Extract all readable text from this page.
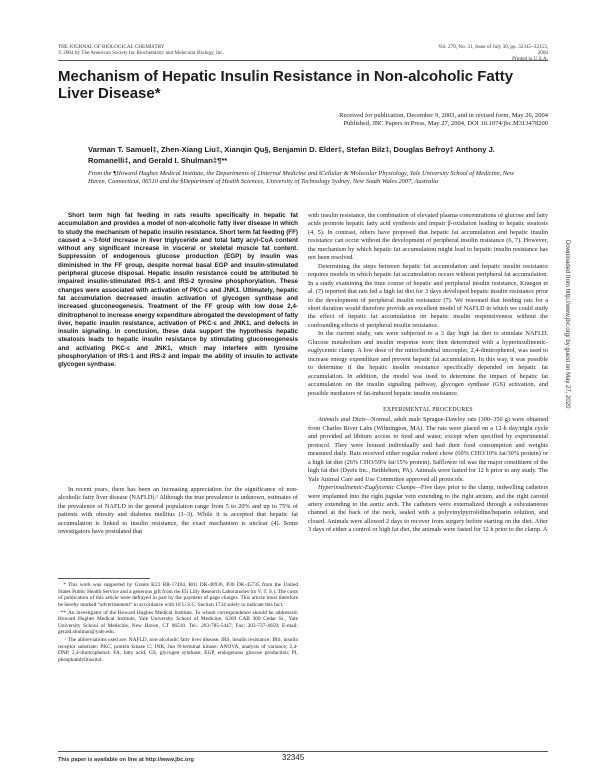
THE JOURNAL OF BIOLOGICAL CHEMISTRY
© 2004 by The American Society for Biochemistry and Molecular Biology, Inc.
Vol. 279, No. 31, Issue of July 30, pp. 32345–32353, 2004
Printed in U.S.A.
Mechanism of Hepatic Insulin Resistance in Non-alcoholic Fatty Liver Disease*
Received for publication, December 9, 2003, and in revised form, May 26, 2004
Published, JBC Papers in Press, May 27, 2004, DOI 10.1074/jbc.M313478200
Varman T. Samuel‡, Zhen-Xiang Liu‡, Xianqin Qu§, Benjamin D. Elder‡, Stefan Bilz‡, Douglas Befroy‡ Anthony J. Romanelli‡, and Gerald I. Shulman‡¶**
From the ¶Howard Hughes Medical Institute, the Departments of ‡Internal Medicine and ‖Cellular & Molecular Physiology, Yale University School of Medicine, New Haven, Connecticut, 06510 and the §Department of Health Sciences, University of Technology Sydney, New South Wales 2007, Australia
Short term high fat feeding in rats results specifically in hepatic fat accumulation and provides a model of non-alcoholic fatty liver disease in which to study the mechanism of hepatic insulin resistance. Short term fat feeding (FF) caused a ∼3-fold increase in liver triglyceride and total fatty acyl-CoA content without any significant increase in visceral or skeletal muscle fat content. Suppression of endogenous glucose production (EGP) by insulin was diminished in the FF group, despite normal basal EGP and insulin-stimulated peripheral glucose disposal. Hepatic insulin resistance could be attributed to impaired insulin-stimulated IRS-1 and IRS-2 tyrosine phosphorylation. These changes were associated with activation of PKC-ε and JNK1. Ultimately, hepatic fat accumulation decreased insulin activation of glycogen synthase and increased gluconeogenesis. Treatment of the FF group with low dose 2,4-dinitrophenol to increase energy expenditure abrogated the development of fatty liver, hepatic insulin resistance, activation of PKC-ε and JNK1, and defects in insulin signaling. In conclusion, these data support the hypothesis hepatic steatosis leads to hepatic insulin resistance by stimulating gluconeogenesis and activating PKC-ε and JNK1, which may interfere with tyrosine phosphorylation of IRS-1 and IRS-2 and impair the ability of insulin to activate glycogen synthase.
In recent years, there has been an increasing appreciation for the significance of non-alcoholic fatty liver disease (NAFLD).¹ Although the true prevalence is unknown, estimates of the prevalence of NAFLD in the general population range from 5 to 20% and up to 75% of patients with obesity and diabetes mellitus (1–3). While it is accepted that hepatic fat accumulation is linked to insulin resistance, the exact mechanism is unclear (4). Some investigators have postulated that

* This work was supported by Grants K23 RR-17404, R01 DK-40936, P30 DK-45735 from the United States Public Health Service and a generous gift from the Eli Lilly Research Laboratories (to V. T. S.). The costs of publication of this article were defrayed in part by the payment of page charges. This article must therefore be hereby marked “advertisement” in accordance with 18 U.S.C. Section 1734 solely to indicate this fact.

** An investigator of the Howard Hughes Medical Institute. To whom correspondence should be addressed: Howard Hughes Medical Institute, Yale University School of Medicine, S269 CAB 300 Cedar St., Yale University School of Medicine, New Haven, CT 06510. Tel.: 203-785-5447; Fax: 203-737-4059; E-mail: gerald.shulman@yale.edu.

¹ The abbreviations used are: NAFLD, non-alcoholic fatty liver disease; IRS, insulin resistance; IRS, insulin receptor substrate; PKC, protein kinase C; JNK, Jun N-terminal kinase; ANOVA, analysis of variance; 2,4-DNP, 2,4-dinitrophenol; FA, fatty acid; GS, glycogen synthase; EGP, endogenous glucose production; PI, phosphatidylinositol.

with insulin resistance, the combination of elevated plasma concentrations of glucose and fatty acids promote hepatic fatty acid synthesis and impair β-oxidation leading to hepatic steatosis (4, 5). In contrast, others have proposed that hepatic fat accumulation and hepatic insulin resistance can occur without the development of peripheral insulin resistance (6, 7). However, the mechanism by which hepatic fat accumulation might lead to hepatic insulin resistance has not been resolved.

Determining the steps between hepatic fat accumulation and hepatic insulin resistance requires models in which hepatic fat accumulation occurs without peripheral fat accumulation. In a study examining the time course of hepatic and peripheral insulin resistance, Kraegen et al. (7) reported that rats fed a high fat diet for 3 days developed hepatic insulin resistance prior to the development of peripheral insulin resistance (7). We reasoned that feeding rats for a short duration would therefore provide an excellent model of NAFLD in which we could study the effect of hepatic fat accumulation on hepatic insulin responsiveness without the confounding effects of peripheral insulin resistance.

In the current study, rats were subjected to a 3 day high fat diet to simulate NAFLD. Glucose metabolism and insulin response were then determined with a hyperinsulinemic-euglycemic clamp. A low dose of the mitochondrial uncoupler, 2,4-dinitrophenol, was used to increase energy expenditure and prevent hepatic fat accumulation. In this way, it was possible to determine if the hepatic insulin resistance specifically depended on hepatic fat accumulation. In addition, the model was used to determine the impact of hepatic fat accumulation on the insulin signaling pathway, glycogen synthase (GS) activation, and possible mediators of fat-induced hepatic insulin resistance.

EXPERIMENTAL PROCEDURES

Animals and Diets—Normal, adult male Sprague-Dawley rats (300–350 g) were obtained from Charles River Labs (Wilmington, MA). The rats were placed on a 12-h day/night cycle and provided ad libitum access to food and water, except when specified by experimental protocol. They were housed individually and had their food consumption and weights measured daily. Rats received either regular rodent chow (60% CHO/10% fat/30% protein) or a high fat diet (26% CHO/59% fat/15% protein). Safflower oil was the major constituent of the high fat diet (Dyets Inc., Bethlehem, PA). Animals were fasted for 12 h prior to any study. The Yale Animal Care and Use Committee approved all protocols.

Hyperinsulinemic-Euglycemic Clamps—Five days prior to the clamp, indwelling catheters were implanted into the right jugular vein extending to the right atrium, and the right carotid artery extending to the aortic arch. The catheters were externalized through a subcutaneous channel at the back of the neck, sealed with a polyvinylpyrrolidine/heparin solution, and closed. Animals were allowed 2 days to recover from surgery before starting on the diet. After 3 days of either a control or high fat diet, the animals were fasted for 12 h prior to the clamp. A

Downloaded from http://www.jbc.org/ by guest on May 27, 2020
This paper is available on line at http://www.jbc.org	32345
